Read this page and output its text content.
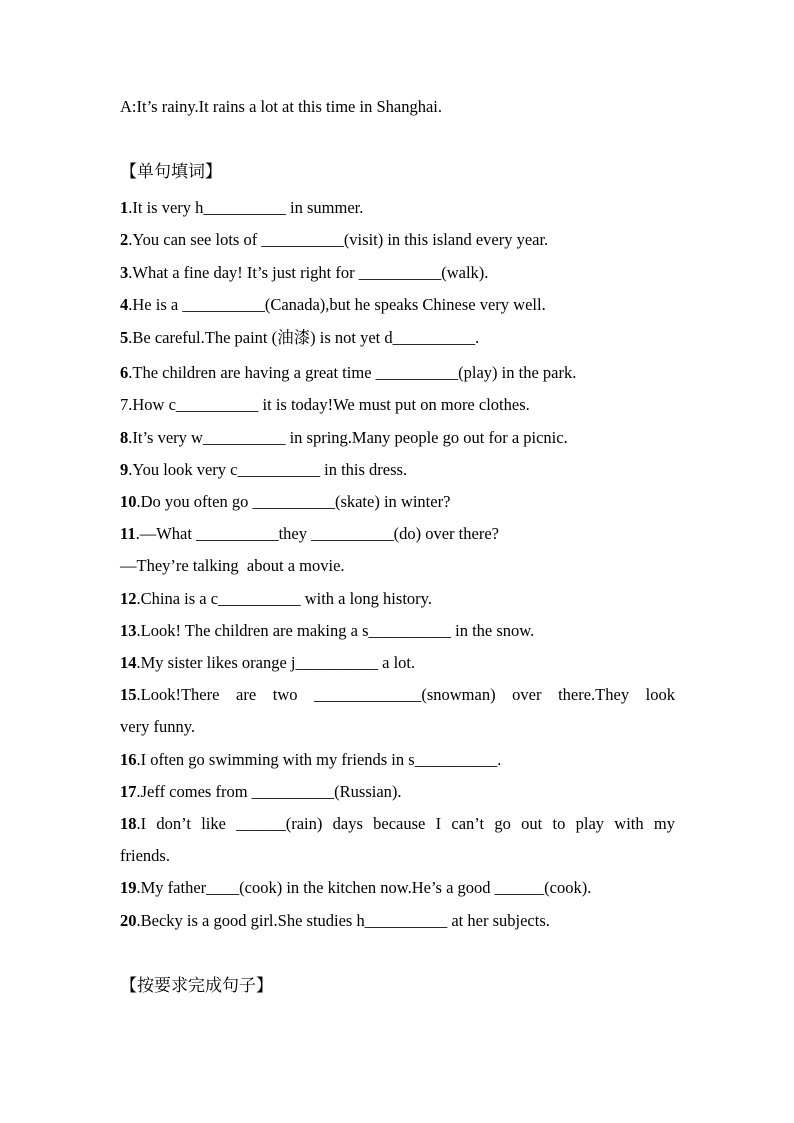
A:It’s rainy.It rains a lot at this time in Shanghai.
【单句填词】
1.It is very h__________ in summer.
2.You can see lots of __________(visit) in this island every year.
3.What a fine day! It’s just right for __________(walk).
4.He is a __________(Canada),but he speaks Chinese very well.
5.Be careful.The paint (油漆) is not yet d__________.
6.The children are having a great time __________(play) in the park.
7.How c__________ it is today!We must put on more clothes.
8.It’s very w__________ in spring.Many people go out for a picnic.
9.You look very c__________ in this dress.
10.Do you often go __________(skate) in winter?
11.—What __________they __________(do) over there?
—They’re talking  about a movie.
12.China is a c__________ with a long history.
13.Look! The children are making a s__________ in the snow.
14.My sister likes orange j__________ a lot.
15.Look!There are two _____________(snowman) over there.They look
very funny.
16.I often go swimming with my friends in s__________.
17.Jeff comes from __________(Russian).
18.I don’t like ______(rain) days because I can’t go out to play with my
friends.
19.My father____(cook) in the kitchen now.He’s a good ______(cook).
20.Becky is a good girl.She studies h__________ at her subjects.
【按要求完成句子】
